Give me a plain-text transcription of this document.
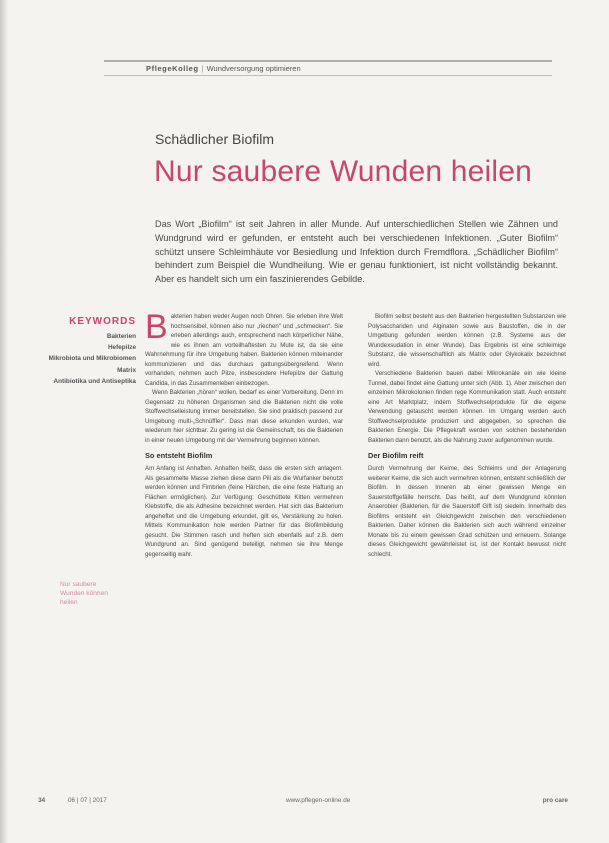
PflegeKolleg | Wundversorgung optimieren
Schädlicher Biofilm
Nur saubere Wunden heilen
Das Wort „Biofilm“ ist seit Jahren in aller Munde. Auf unterschiedlichen Stellen wie Zähnen und Wundgrund wird er gefunden, er entsteht auch bei verschiedenen Infektionen. „Guter Biofilm“ schützt unsere Schleimhäute vor Besiedlung und Infektion durch Fremdflora. „Schädlicher Biofilm“ behindert zum Beispiel die Wundheilung. Wie er genau funktioniert, ist nicht vollständig bekannt. Aber es handelt sich um ein faszinierendes Gebilde.
KEYWORDS
Bakterien
Hefepilze
Mikrobiota und Mikrobiomen
Matrix
Antibiotika und Antiseptika
Nur saubere Wunden können heilen

Bakterien haben weder Augen noch Ohren. Sie erleben ihre Welt hochsensibel, können also nur „riechen“ und „schmecken“. Sie erleben allerdings auch, entsprechend nach körperlicher Nähe, wie es ihnen am vorteilhaftesten zu Mute ist, da sie eine Wahrnehmung für ihre Umgebung haben. Bakterien können miteinander kommunizieren und das durchaus gattungsübergreifend. Wenn vorhanden, nehmen auch Pilze, insbesondere Hefepilze der Gattung Candida, in das Zusammenleben einbezogen.

Wenn Bakterien „hören“ wollen, bedarf es einer Vorbereitung. Denn im Gegensatz zu höheren Organismen sind die Bakterien nicht die volle Stoffwechselleistung immer bereitstellen. Sie sind praktisch passend zur Umgebung multi-„Schnüffler“. Dass man diese erkunden wurden, war wiederum hier sichtbar. Zu gering ist die Gemeinschaft, bis die Bakterien in einer neuen Umgebung mit der Vermehrung beginnen können.

So entsteht Biofilm

Am Anfang ist Anhaften. Anhaften heißt, dass die ersten sich anlagern. Als gesammelte Masse ziehen diese dann Pili als die Wurfanker benutzt werden können und Fimbrien (feine Härchen, die eine feste Haftung an Flächen ermöglichen). Zur Verfügung: Geschüttete Kitten vermehren Klebstoffe, die als Adhesine bezeichnet werden. Hat sich das Bakterium angeheftet und die Umgebung erkundet, gilt es, Verstärkung zu holen. Mittels Kommunikation hole werden Partner für das Biofilmbildung gesucht. Die Stimmen rasch und heften sich ebenfalls auf z.B. dem Wundgrund an. Sind genügend beteiligt, nehmen sie ihre Menge gegenseitig wahr.

Biofilm selbst besteht aus den Bakterien hergestellten Substanzen wie Polysacchariden und Alginaten sowie aus Baustoffen, die in der Umgebung gefunden werden können (z.B. Systeme aus der Wundexsudation in einer Wunde). Das Ergebnis ist eine schleimige Substanz, die wissenschaftlich als Matrix oder Glykokalix bezeichnet wird.

Verschiedene Bakterien bauen dabei Mikrokanäle ein wie kleine Tunnel, dabei findet eine Gattung unter sich (Abb. 1). Aber zwischen den einzelnen Mikrokolonien finden rege Kommunikation statt. Auch entsteht eine Art Marktplatz, indem Stoffwechselprodukte für die eigene Verwendung getauscht werden können. Im Umgang werden auch Stoffwechselprodukte produziert und abgegeben, so sprechen die Bakterien Energie. Die Pflegekraft werden von solchen bestehenden Bakterien dann benutzt, als die Nahrung zuvor aufgenommen wurde.

Der Biofilm reift

Durch Vermehrung der Keime, des Schleims und der Anlagerung weiterer Keime, die sich auch vermehren können, entsteht schließlich der Biofilm. In dessen Inneren ab einer gewissen Menge ein Sauerstoffgefälle herrscht. Das heißt, auf dem Wundgrund könnten Anaerobier (Bakterien, für die Sauerstoff Gift ist) siedeln. Innerhalb des Biofilms entsteht ein Gleichgewicht zwischen den verschiedenen Bakterien. Daher können die Bakterien sich auch während einzelner Monate bis zu einem gewissen Grad schützen und erneuern. Solange dieses Gleichgewicht gewährleistet ist, ist der Kontakt bewusst nicht schlecht.

34	06 | 07 | 2017	www.pflegen-online.de	pro care
